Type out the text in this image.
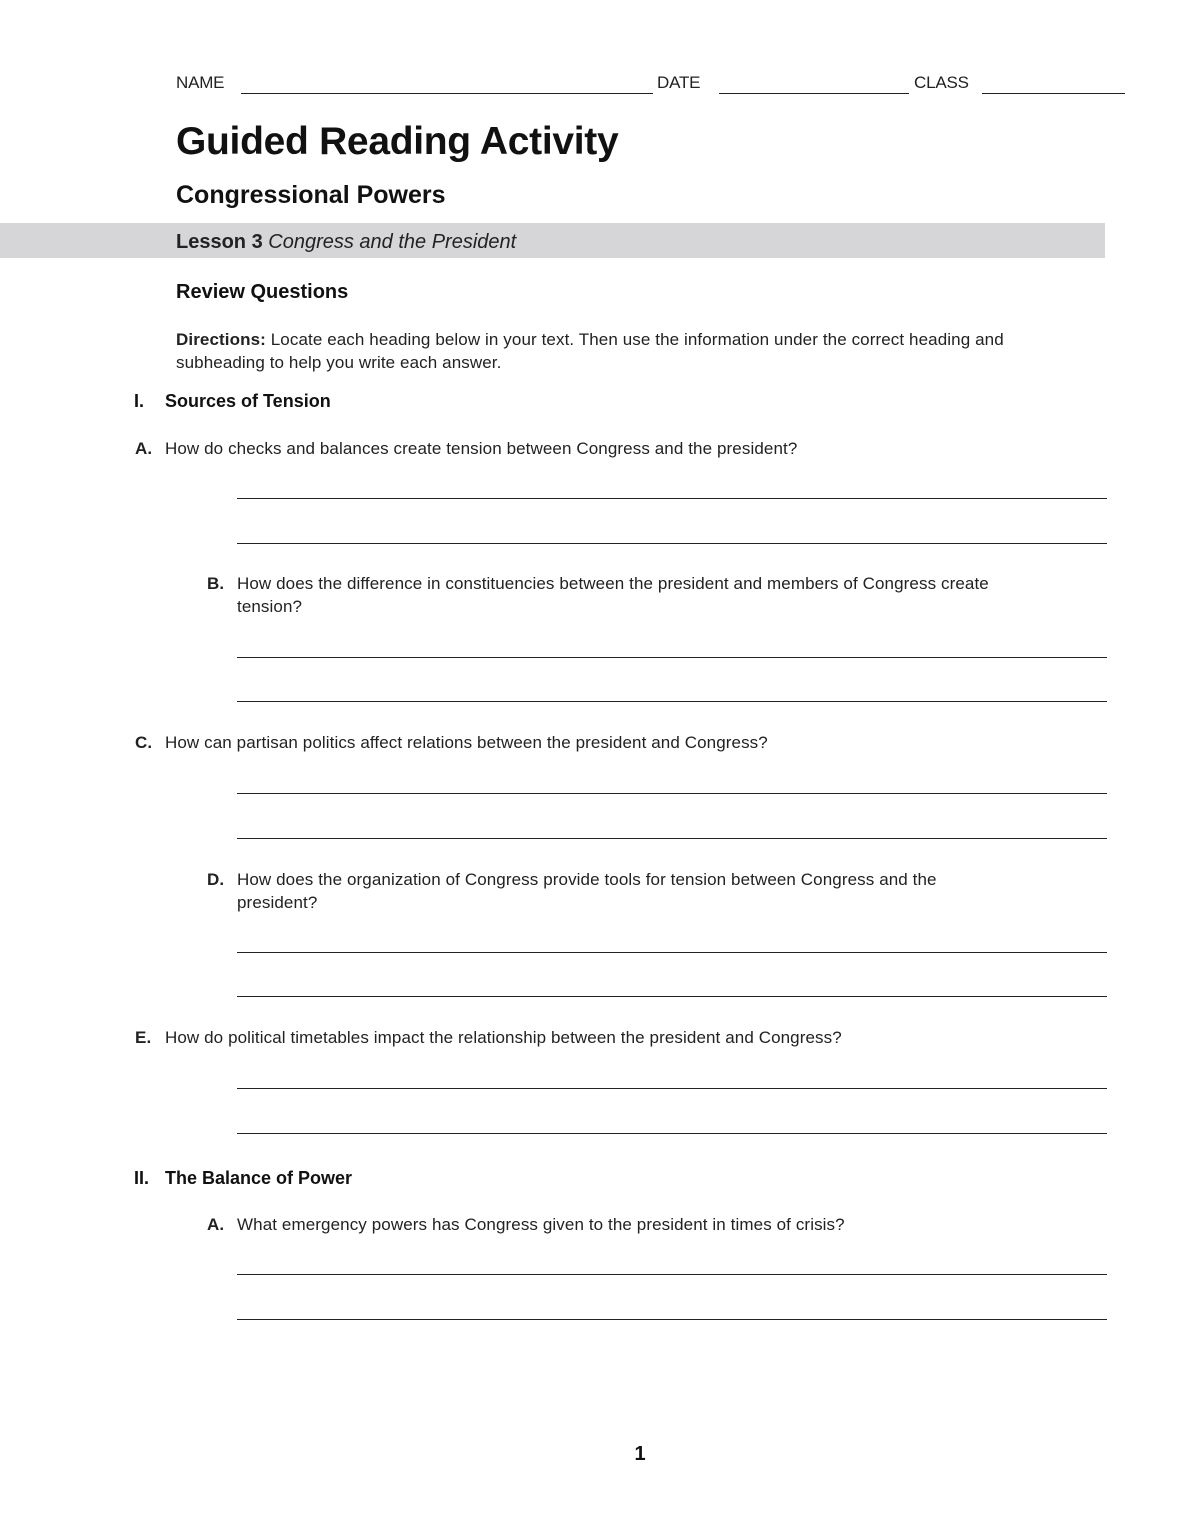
NAME	DATE	CLASS
Guided Reading Activity
Congressional Powers
Lesson 3 Congress and the President
Review Questions
Directions: Locate each heading below in your text. Then use the information under the correct heading and subheading to help you write each answer.
I. Sources of Tension
A. How do checks and balances create tension between Congress and the president?
B. How does the difference in constituencies between the president and members of Congress create tension?
C. How can partisan politics affect relations between the president and Congress?
D. How does the organization of Congress provide tools for tension between Congress and the president?
E. How do political timetables impact the relationship between the president and Congress?
II. The Balance of Power
A. What emergency powers has Congress given to the president in times of crisis?
1
